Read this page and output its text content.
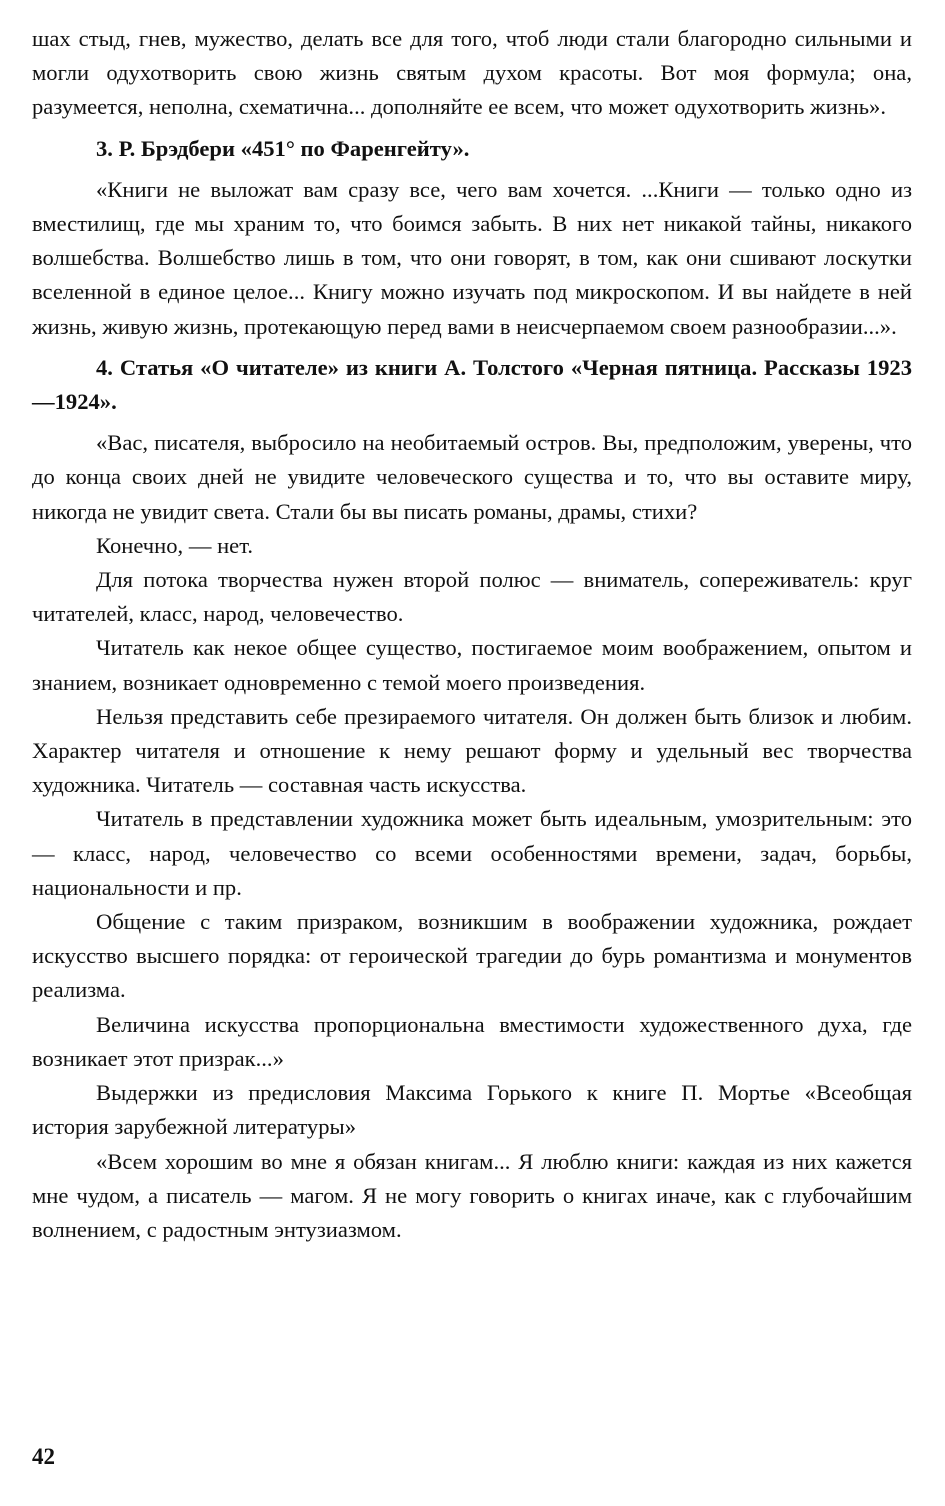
шах стыд, гнев, мужество, делать все для того, чтоб люди стали благородно сильными и могли одухотворить свою жизнь святым духом красоты. Вот моя формула; она, разумеется, неполна, схематична... дополняйте ее всем, что может одухотворить жизнь».

3. Р. Брэдбери «451° по Фаренгейту».

«Книги не выложат вам сразу все, чего вам хочется. ...Книги — только одно из вместилищ, где мы храним то, что боимся забыть. В них нет никакой тайны, никакого волшебства. Волшебство лишь в том, что они говорят, в том, как они сшивают лоскутки вселенной в единое целое... Книгу можно изучать под микроскопом. И вы найдете в ней жизнь, живую жизнь, протекающую перед вами в неисчерпаемом своем разнообразии...».

4. Статья «О читателе» из книги А. Толстого «Черная пятница. Рассказы 1923—1924».

«Вас, писателя, выбросило на необитаемый остров. Вы, предположим, уверены, что до конца своих дней не увидите человеческого существа и то, что вы оставите миру, никогда не увидит света. Стали бы вы писать романы, драмы, стихи?

Конечно, — нет.

Для потока творчества нужен второй полюс — вниматель, сопереживатель: круг читателей, класс, народ, человечество.

Читатель как некое общее существо, постигаемое моим воображением, опытом и знанием, возникает одновременно с темой моего произведения.

Нельзя представить себе презираемого читателя. Он должен быть близок и любим. Характер читателя и отношение к нему решают форму и удельный вес творчества художника. Читатель — составная часть искусства.

Читатель в представлении художника может быть идеальным, умозрительным: это — класс, народ, человечество со всеми особенностями времени, задач, борьбы, национальности и пр.

Общение с таким призраком, возникшим в воображении художника, рождает искусство высшего порядка: от героической трагедии до бурь романтизма и монументов реализма.

Величина искусства пропорциональна вместимости художественного духа, где возникает этот призрак...»

Выдержки из предисловия Максима Горького к книге П. Мортье «Всеобщая история зарубежной литературы»

«Всем хорошим во мне я обязан книгам... Я люблю книги: каждая из них кажется мне чудом, а писатель — магом. Я не могу говорить о книгах иначе, как с глубочайшим волнением, с радостным энтузиазмом.

42
